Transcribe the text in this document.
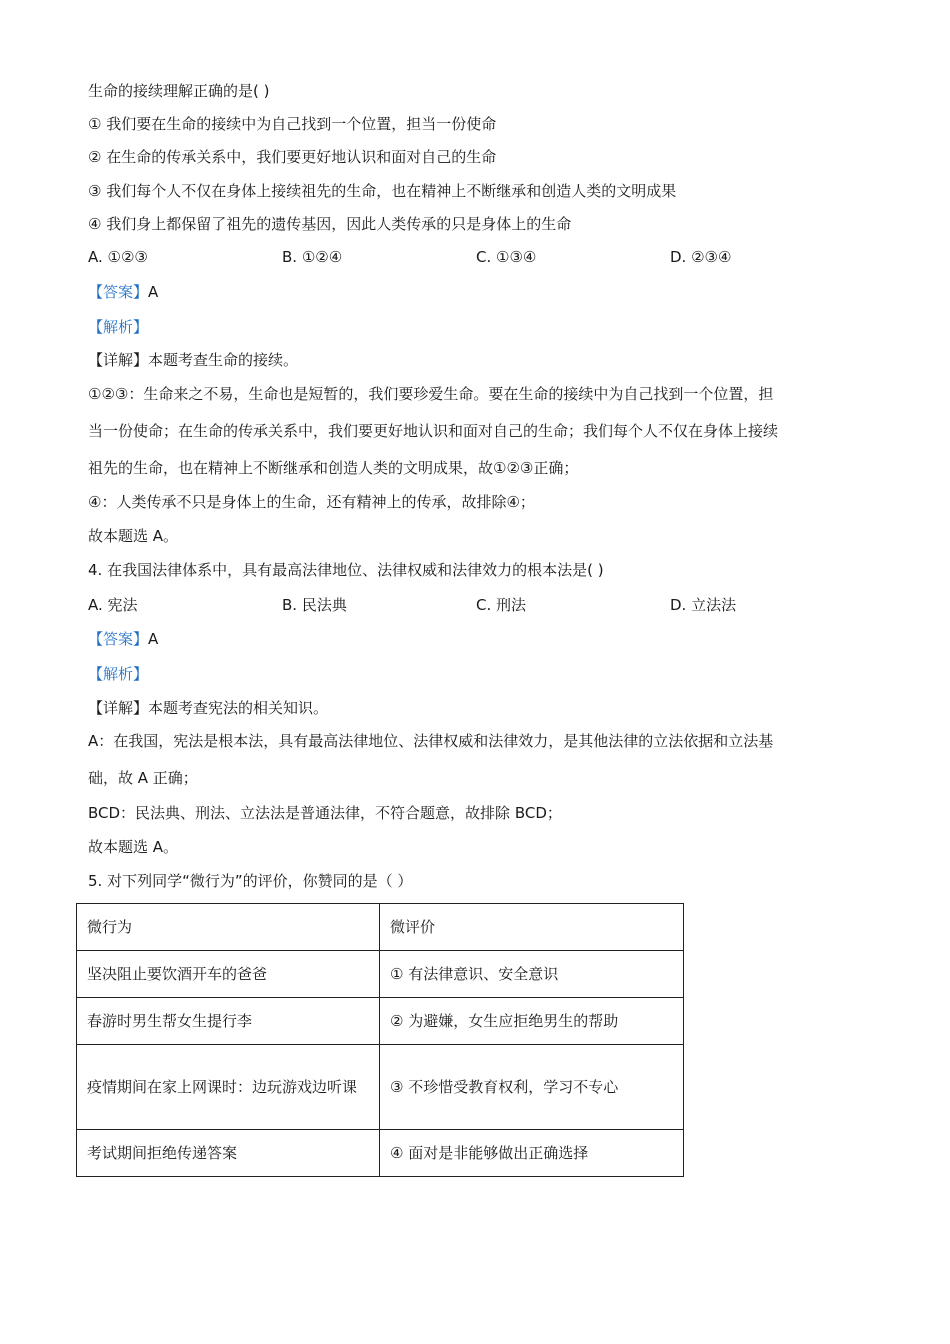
生命的接续理解正确的是( )
① 我们要在生命的接续中为自己找到一个位置，担当一份使命
② 在生命的传承关系中，我们要更好地认识和面对自己的生命
③ 我们每个人不仅在身体上接续祖先的生命，也在精神上不断继承和创造人类的文明成果
④ 我们身上都保留了祖先的遗传基因，因此人类传承的只是身体上的生命
A. ①②③	B. ①②④	C. ①③④	D. ②③④
【答案】A
【解析】
【详解】本题考查生命的接续。
①②③：生命来之不易，生命也是短暂的，我们要珍爱生命。要在生命的接续中为自己找到一个位置，担
当一份使命；在生命的传承关系中，我们要更好地认识和面对自己的生命；我们每个人不仅在身体上接续
祖先的生命，也在精神上不断继承和创造人类的文明成果，故①②③正确；
④：人类传承不只是身体上的生命，还有精神上的传承，故排除④；
故本题选 A。
4. 在我国法律体系中，具有最高法律地位、法律权威和法律效力的根本法是( )
A. 宪法	B. 民法典	C. 刑法	D. 立法法
【答案】A
【解析】
【详解】本题考查宪法的相关知识。
A：在我国，宪法是根本法，具有最高法律地位、法律权威和法律效力，是其他法律的立法依据和立法基
础，故 A 正确；
BCD：民法典、刑法、立法法是普通法律，不符合题意，故排除 BCD；
故本题选 A。
5. 对下列同学“微行为”的评价，你赞同的是（ ）
微行为	微评价
坚决阻止要饮酒开车的爸爸	① 有法律意识、安全意识
春游时男生帮女生提行李	② 为避嫌，女生应拒绝男生的帮助
疫情期间在家上网课时：边玩游戏边听课	③ 不珍惜受教育权利，学习不专心
考试期间拒绝传递答案	④ 面对是非能够做出正确选择
